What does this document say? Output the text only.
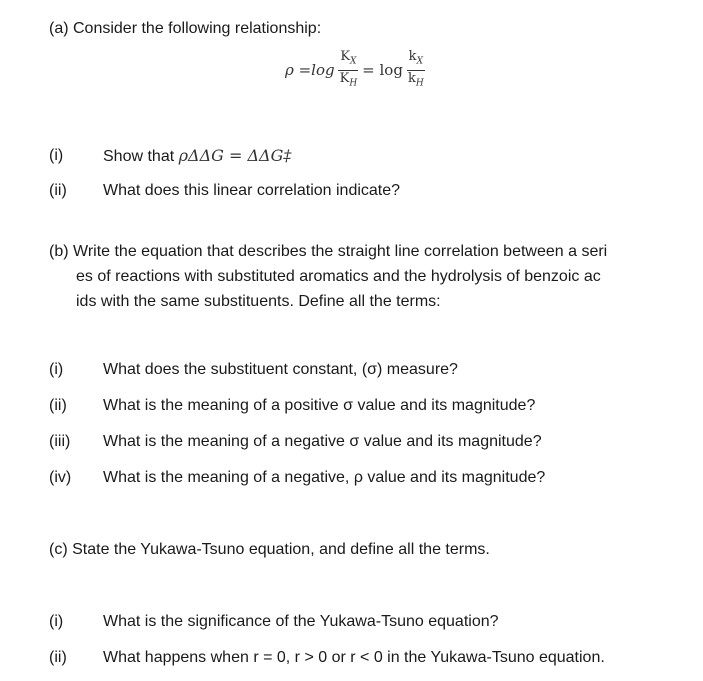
(a) Consider the following relationship:
$\rho =\log \frac{K_X}{K_H} = \log \frac{k_X}{k_H}$
(i) Show that ρΔΔG = ΔΔG‡
(ii) What does this linear correlation indicate?
(b) Write the equation that describes the straight line correlation between a seri
es of reactions with substituted aromatics and the hydrolysis of benzoic ac
ids with the same substituents. Define all the terms:
(i) What does the substituent constant, (σ) measure?
(ii) What is the meaning of a positive σ value and its magnitude?
(iii) What is the meaning of a negative σ value and its magnitude?
(iv) What is the meaning of a negative, ρ value and its magnitude?
(c) State the Yukawa-Tsuno equation, and define all the terms.
(i) What is the significance of the Yukawa-Tsuno equation?
(ii) What happens when r = 0, r > 0 or r < 0 in the Yukawa-Tsuno equation.
